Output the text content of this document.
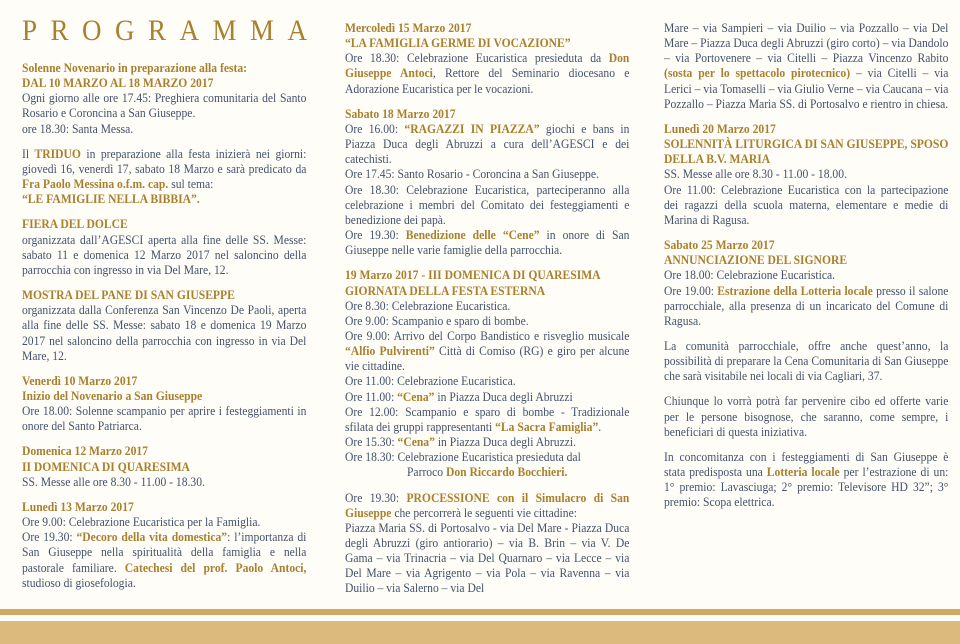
PROGRAMMA

Solenne Novenario in preparazione alla festa:
DAL 10 MARZO AL 18 MARZO 2017
Ogni giorno alle ore 17.45: Preghiera comunitaria del Santo Rosario e Coroncina a San Giuseppe.
ore 18.30: Santa Messa.

Il TRIDUO in preparazione alla festa inizierà nei giorni: giovedì 16, venerdì 17, sabato 18 Marzo e sarà predicato da Fra Paolo Messina o.f.m. cap. sul tema:
“LE FAMIGLIE NELLA BIBBIA”.

FIERA DEL DOLCE
organizzata dall’AGESCI aperta alla fine delle SS. Messe: sabato 11 e domenica 12 Marzo 2017 nel saloncino della parrocchia con ingresso in via Del Mare, 12.

MOSTRA DEL PANE DI SAN GIUSEPPE
organizzata dalla Conferenza San Vincenzo De Paoli, aperta alla fine delle SS. Messe: sabato 18 e domenica 19 Marzo 2017 nel saloncino della parrocchia con ingresso in via Del Mare, 12.

Venerdì 10 Marzo 2017
Inizio del Novenario a San Giuseppe
Ore 18.00: Solenne scampanio per aprire i festeggiamenti in onore del Santo Patriarca.

Domenica 12 Marzo 2017
II DOMENICA DI QUARESIMA
SS. Messe alle ore 8.30 - 11.00 - 18.30.

Lunedì 13 Marzo 2017
Ore 9.00: Celebrazione Eucaristica per la Famiglia.
Ore 19.30: “Decoro della vita domestica”: l’importanza di San Giuseppe nella spiritualità della famiglia e nella pastorale familiare. Catechesi del prof. Paolo Antoci, studioso di giosefologia.

Mercoledì 15 Marzo 2017
“LA FAMIGLIA GERME DI VOCAZIONE”
Ore 18.30: Celebrazione Eucaristica presieduta da Don Giuseppe Antoci, Rettore del Seminario diocesano e Adorazione Eucaristica per le vocazioni.

Sabato 18 Marzo 2017
Ore 16.00: “RAGAZZI IN PIAZZA” giochi e bans in Piazza Duca degli Abruzzi a cura dell’AGESCI e dei catechisti.
Ore 17.45: Santo Rosario - Coroncina a San Giuseppe.
Ore 18.30: Celebrazione Eucaristica, parteciperanno alla celebrazione i membri del Comitato dei festeggiamenti e benedizione dei papà.
Ore 19.30: Benedizione delle “Cene” in onore di San Giuseppe nelle varie famiglie della parrocchia.

19 Marzo 2017 - III DOMENICA DI QUARESIMA
GIORNATA DELLA FESTA ESTERNA
Ore 8.30: Celebrazione Eucaristica.
Ore 9.00: Scampanio e sparo di bombe.
Ore 9.00: Arrivo del Corpo Bandistico e risveglio musicale “Alfio Pulvirenti” Città di Comiso (RG) e giro per alcune vie cittadine.
Ore 11.00: Celebrazione Eucaristica.
Ore 11.00: “Cena” in Piazza Duca degli Abruzzi
Ore 12.00: Scampanio e sparo di bombe - Tradizionale sfilata dei gruppi rappresentanti “La Sacra Famiglia”.
Ore 15.30: “Cena” in Piazza Duca degli Abruzzi.
Ore 18.30: Celebrazione Eucaristica presieduta dal

Parroco Don Riccardo Bocchieri.

Ore 19.30: PROCESSIONE con il Simulacro di San Giuseppe che percorrerà le seguenti vie cittadine:
Piazza Maria SS. di Portosalvo - via Del Mare - Piazza Duca degli Abruzzi (giro antiorario) – via B. Brin – via V. De Gama – via Trinacria – via Del Quarnaro – via Lecce – via Del Mare – via Agrigento – via Pola – via Ravenna – via Duilio – via Salerno – via Del

Mare – via Sampieri – via Duilio – via Pozzallo – via Del Mare – Piazza Duca degli Abruzzi (giro corto) – via Dandolo – via Portovenere – via Citelli – Piazza Vincenzo Rabito (sosta per lo spettacolo pirotecnico) – via Citelli – via Lerici – via Tomaselli – via Giulio Verne – via Caucana – via Pozzallo – Piazza Maria SS. di Portosalvo e rientro in chiesa.

Lunedì 20 Marzo 2017
SOLENNITÀ LITURGICA DI SAN GIUSEPPE, SPOSO DELLA B.V. MARIA
SS. Messe alle ore 8.30 - 11.00 - 18.00.
Ore 11.00: Celebrazione Eucaristica con la partecipazione dei ragazzi della scuola materna, elementare e medie di Marina di Ragusa.

Sabato 25 Marzo 2017
ANNUNCIAZIONE DEL SIGNORE
Ore 18.00: Celebrazione Eucaristica.
Ore 19.00: Estrazione della Lotteria locale presso il salone parrocchiale, alla presenza di un incaricato del Comune di Ragusa.

La comunità parrocchiale, offre anche quest’anno, la possibilità di preparare la Cena Comunitaria di San Giuseppe che sarà visitabile nei locali di via Cagliari, 37.

Chiunque lo vorrà potrà far pervenire cibo ed offerte varie per le persone bisognose, che saranno, come sempre, i beneficiari di questa iniziativa.

In concomitanza con i festeggiamenti di San Giuseppe è stata predisposta una Lotteria locale per l’estrazione di un: 1° premio: Lavasciuga; 2° premio: Televisore HD 32”; 3° premio: Scopa elettrica.
